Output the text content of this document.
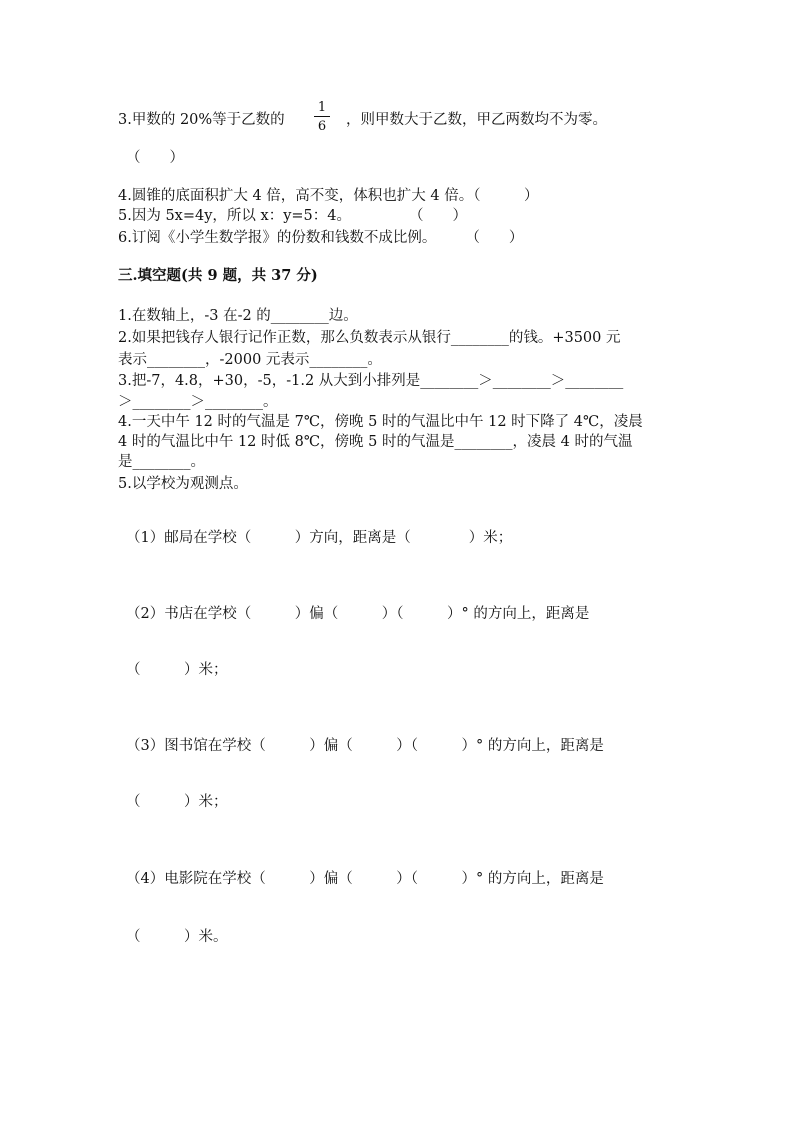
3.甲数的 20%等于乙数的
1
6 ，则甲数大于乙数，甲乙两数均不为零。
（　　）
4.圆锥的底面积扩大 4 倍，高不变，体积也扩大 4 倍。（　　　）
5.因为 5x=4y，所以 x：y=5：4。　　　　　（　　）
6.订阅《小学生数学报》的份数和钱数不成比例。　　　（　　）
三.填空题(共 9 题，共 37 分)
1.在数轴上，-3 在-2 的________边。
2.如果把钱存人银行记作正数，那么负数表示从银行________的钱。+3500 元
表示________，-2000 元表示________。
3.把-7，4.8，+30，-5，-1.2 从大到小排列是________＞________＞________
＞________＞________。
4.一天中午 12 时的气温是 7℃，傍晚 5 时的气温比中午 12 时下降了 4℃，凌晨
4 时的气温比中午 12 时低 8℃，傍晚 5 时的气温是________，凌晨 4 时的气温
是________。
5.以学校为观测点。
（1）邮局在学校（　　　）方向，距离是（　　　　）米；
（2）书店在学校（　　　）偏（　　　）（　　　）° 的方向上，距离是
（　　　）米；
（3）图书馆在学校（　　　）偏（　　　）（　　　）° 的方向上，距离是
（　　　）米；
（4）电影院在学校（　　　）偏（　　　）（　　　）° 的方向上，距离是
（　　　）米。
